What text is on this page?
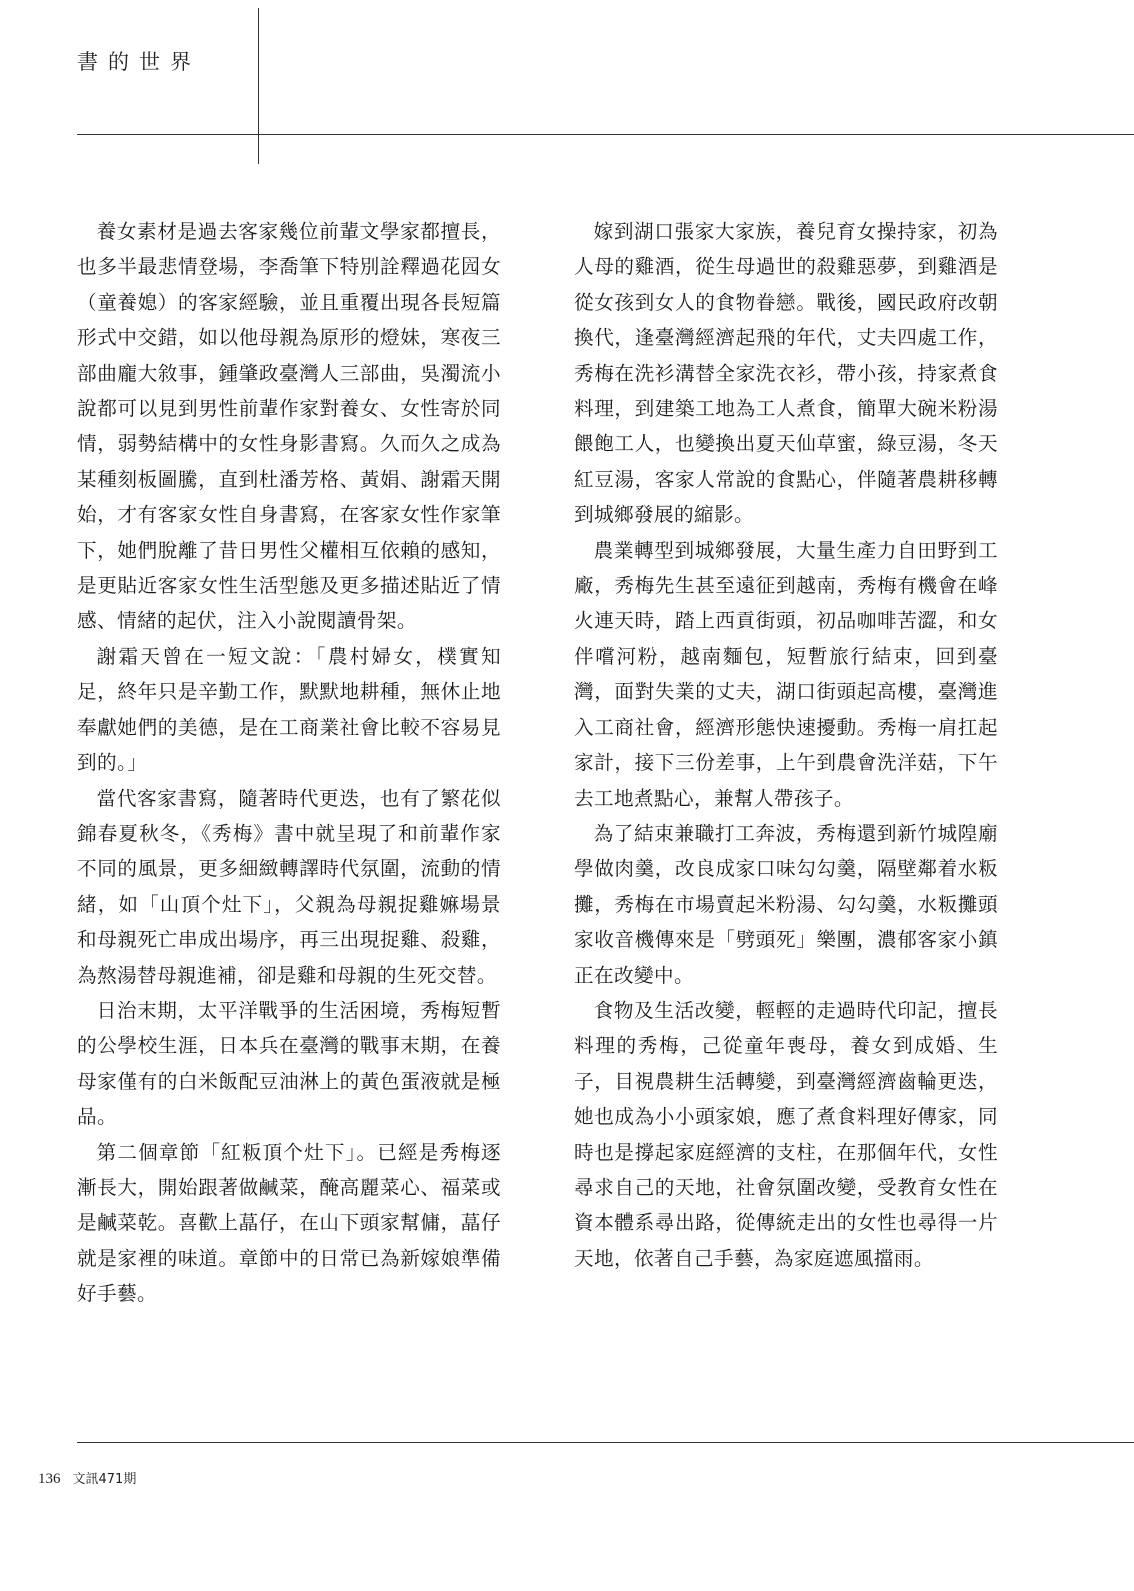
書的世界

養女素材是過去客家幾位前輩文學家都擅長，也多半最悲情登場，李喬筆下特別詮釋過花囥女（童養媳）的客家經驗，並且重覆出現各長短篇形式中交錯，如以他母親為原形的燈妹，寒夜三部曲龐大敘事，鍾肇政臺灣人三部曲，吳濁流小說都可以見到男性前輩作家對養女、女性寄於同情，弱勢結構中的女性身影書寫。久而久之成為某種刻板圖騰，直到杜潘芳格、黃娟、謝霜天開始，才有客家女性自身書寫，在客家女性作家筆下，她們脫離了昔日男性父權相互依賴的感知，是更貼近客家女性生活型態及更多描述貼近了情感、情緒的起伏，注入小說閱讀骨架。

謝霜天曾在一短文說：「農村婦女，樸實知足，終年只是辛勤工作，默默地耕種，無休止地奉獻她們的美德，是在工商業社會比較不容易見到的。」

當代客家書寫，隨著時代更迭，也有了繁花似錦春夏秋冬，《秀梅》書中就呈現了和前輩作家不同的風景，更多細緻轉譯時代氛圍，流動的情緒，如「山頂个灶下」，父親為母親捉雞嫲場景和母親死亡串成出場序，再三出現捉雞、殺雞，為熬湯替母親進補，卻是雞和母親的生死交替。

日治末期，太平洋戰爭的生活困境，秀梅短暫的公學校生涯，日本兵在臺灣的戰事末期，在養母家僅有的白米飯配豆油淋上的黃色蛋液就是極品。

第二個章節「紅粄頂个灶下」。已經是秀梅逐漸長大，開始跟著做鹹菜，醃高麗菜心、福菜或是鹹菜乾。喜歡上蕌仔，在山下頭家幫傭，蕌仔就是家裡的味道。章節中的日常已為新嫁娘準備好手藝。

嫁到湖口張家大家族，養兒育女操持家，初為人母的雞酒，從生母過世的殺雞惡夢，到雞酒是從女孩到女人的食物眷戀。戰後，國民政府改朝換代，逢臺灣經濟起飛的年代，丈夫四處工作，秀梅在洗衫溝替全家洗衣衫，帶小孩，持家煮食料理，到建築工地為工人煮食，簡單大碗米粉湯餵飽工人，也變換出夏天仙草蜜，綠豆湯，冬天紅豆湯，客家人常說的食點心，伴隨著農耕移轉到城鄉發展的縮影。

農業轉型到城鄉發展，大量生產力自田野到工廠，秀梅先生甚至遠征到越南，秀梅有機會在峰火連天時，踏上西貢街頭，初品咖啡苦澀，和女伴嚐河粉，越南麵包，短暫旅行結束，回到臺灣，面對失業的丈夫，湖口街頭起高樓，臺灣進入工商社會，經濟形態快速擾動。秀梅一肩扛起家計，接下三份差事，上午到農會洗洋菇，下午去工地煮點心，兼幫人帶孩子。

為了結束兼職打工奔波，秀梅還到新竹城隍廟學做肉羹，改良成家口味勾勾羹，隔壁鄰着水粄攤，秀梅在市場賣起米粉湯、勾勾羹，水粄攤頭家收音機傳來是「劈頭死」樂團，濃郁客家小鎮正在改變中。

食物及生活改變，輕輕的走過時代印記，擅長料理的秀梅，己從童年喪母，養女到成婚、生子，目視農耕生活轉變，到臺灣經濟齒輪更迭，她也成為小小頭家娘，應了煮食料理好傳家，同時也是撐起家庭經濟的支柱，在那個年代，女性尋求自己的天地，社會氛圍改變，受教育女性在資本體系尋出路，從傳統走出的女性也尋得一片天地，依著自己手藝，為家庭遮風擋雨。

136 文訊471期
